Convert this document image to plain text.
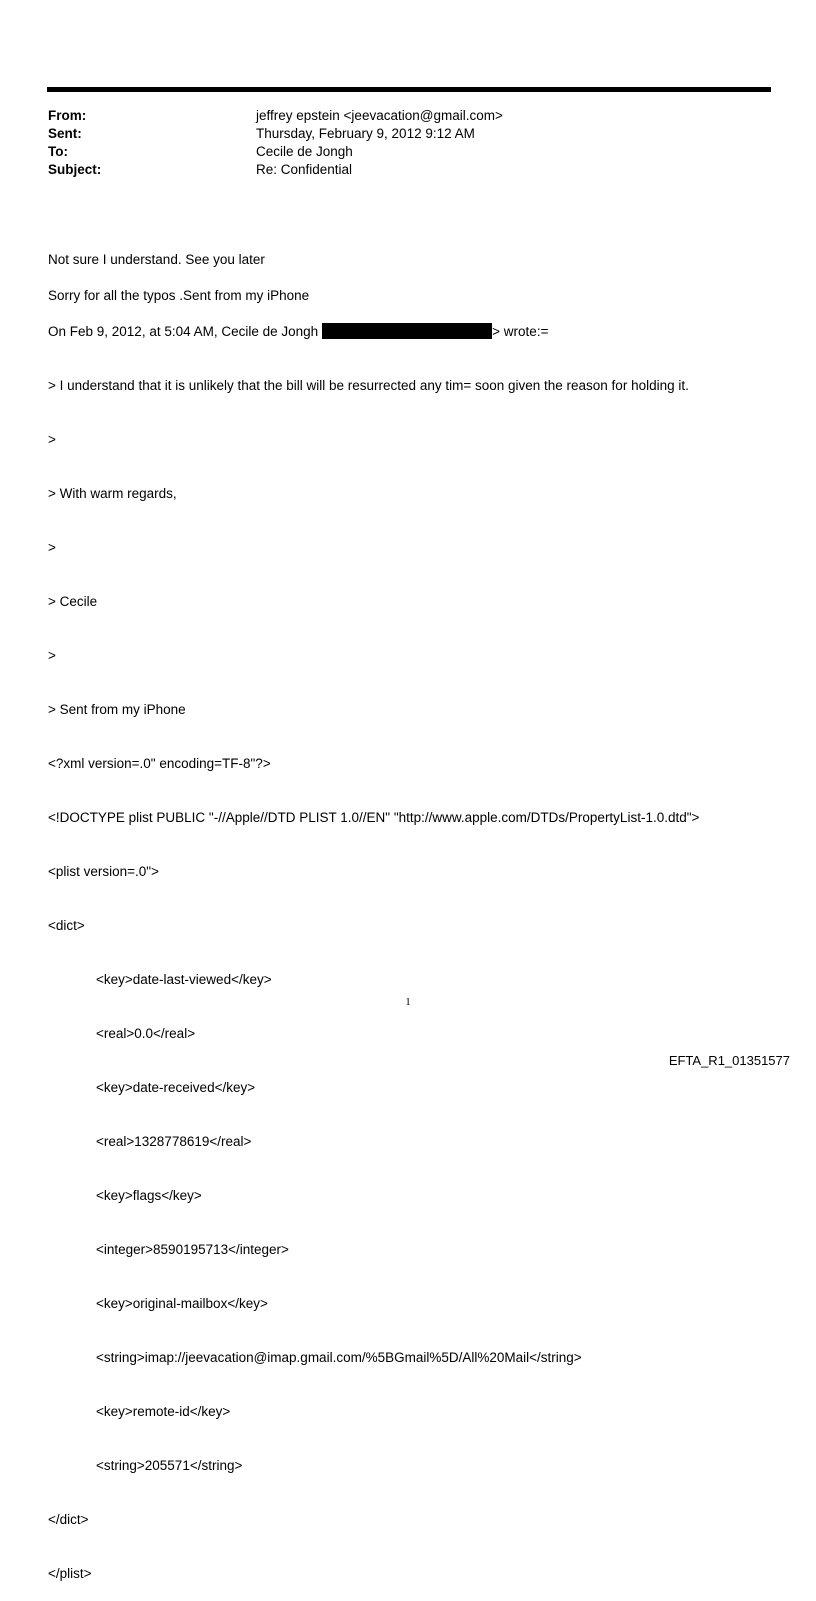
From:	jeffrey epstein <jeevacation@gmail.com>
Sent:	Thursday, February 9, 2012 9:12 AM
To:	Cecile de Jongh
Subject:	Re: Confidential

Not sure I understand. See you later

Sorry for all the typos .Sent from my iPhone

On Feb 9, 2012, at 5:04 AM, Cecile de Jongh	> wrote:=

> I understand that it is unlikely that the bill will be resurrected any tim= soon given the reason for holding it.

>

> With warm regards,

>

> Cecile

>

> Sent from my iPhone

<?xml version=.0" encoding=TF-8"?>

<!DOCTYPE plist PUBLIC "-//Apple//DTD PLIST 1.0//EN" "http://www.apple.com/DTDs/PropertyList-1.0.dtd">

<plist version=.0">

<dict>

<key>date-last-viewed</key>

<real>0.0</real>

<key>date-received</key>

<real>1328778619</real>

<key>flags</key>

<integer>8590195713</integer>

<key>original-mailbox</key>

<string>imap://jeevacation@imap.gmail.com/%5BGmail%5D/All%20Mail</string>

<key>remote-id</key>

<string>205571</string>

</dict>

</plist>

1
EFTA_R1_01351577
